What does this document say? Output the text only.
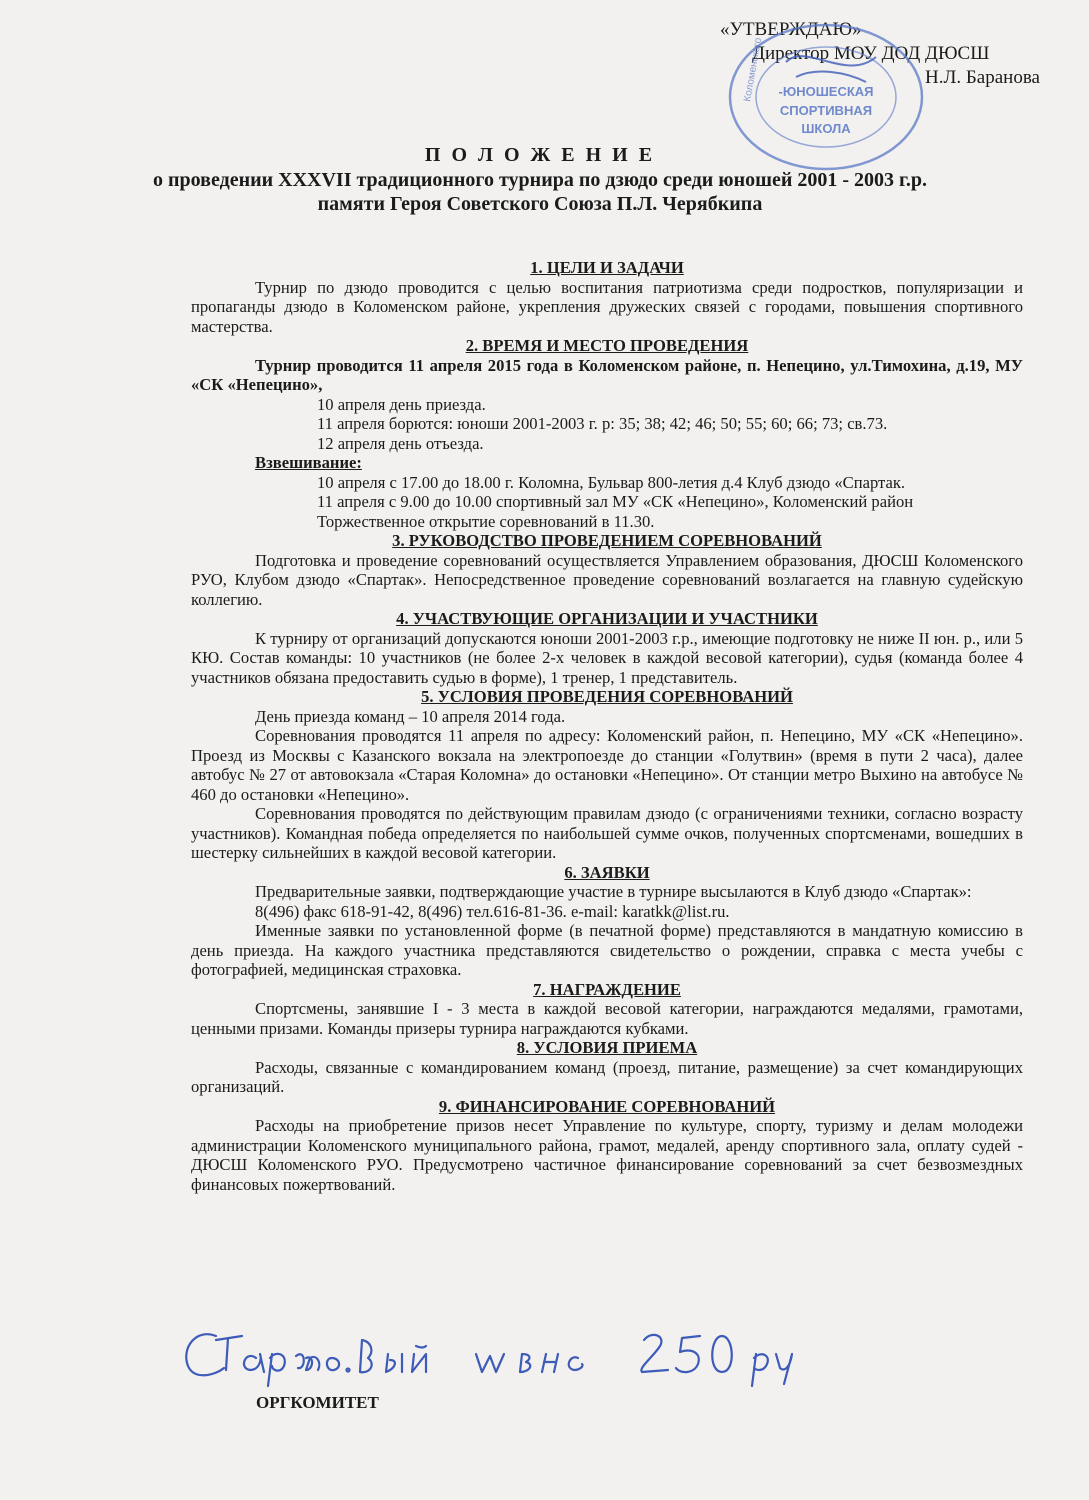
«УТВЕРЖДАЮ»
Директор МОУ ДОД ДЮСШ
Н.Л. Баранова
-ЮНОШЕСКАЯ
СПОРТИВНАЯ
ШКОЛА
Коломенского
П О Л О Ж Е Н И Е
о проведении XXXVII традиционного турнира по дзюдо среди юношей 2001 - 2003 г.р.
памяти Героя Советского Союза П.Л. Черябкипа

1. ЦЕЛИ И ЗАДАЧИ

Турнир по дзюдо проводится с целью воспитания патриотизма среди подростков, популяризации и пропаганды дзюдо в Коломенском районе, укрепления дружеских связей с городами, повышения спортивного мастерства.

2. ВРЕМЯ И МЕСТО ПРОВЕДЕНИЯ

Турнир проводится 11 апреля 2015 года в Коломенском районе, п. Непецино, ул.Тимохина, д.19, МУ «СК «Непецино»,

10 апреля день приезда.

11 апреля борются: юноши 2001-2003 г. р: 35; 38; 42; 46; 50; 55; 60; 66; 73; св.73.

12 апреля день отъезда.

Взвешивание:

10 апреля с 17.00 до 18.00 г. Коломна, Бульвар 800-летия д.4 Клуб дзюдо «Спартак.

11 апреля с 9.00 до 10.00 спортивный зал МУ «СК «Непецино», Коломенский район

Торжественное открытие соревнований в 11.30.

3. РУКОВОДСТВО ПРОВЕДЕНИЕМ СОРЕВНОВАНИЙ

Подготовка и проведение соревнований осуществляется Управлением образования, ДЮСШ Коломенского РУО, Клубом дзюдо «Спартак». Непосредственное проведение соревнований возлагается на главную судейскую коллегию.

4. УЧАСТВУЮЩИЕ ОРГАНИЗАЦИИ И УЧАСТНИКИ

К турниру от организаций допускаются юноши 2001-2003 г.р., имеющие подготовку не ниже II юн. р., или 5 КЮ. Состав команды: 10 участников (не более 2-х человек в каждой весовой категории), судья (команда более 4 участников обязана предоставить судью в форме), 1 тренер, 1 представитель.

5. УСЛОВИЯ ПРОВЕДЕНИЯ СОРЕВНОВАНИЙ

День приезда команд – 10 апреля 2014 года.

Соревнования проводятся 11 апреля по адресу: Коломенский район, п. Непецино, МУ «СК «Непецино». Проезд из Москвы с Казанского вокзала на электропоезде до станции «Голутвин» (время в пути 2 часа), далее автобус № 27 от автовокзала «Старая Коломна» до остановки «Непецино». От станции метро Выхино на автобусе № 460 до остановки «Непецино».

Соревнования проводятся по действующим правилам дзюдо (с ограничениями техники, согласно возрасту участников). Командная победа определяется по наибольшей сумме очков, полученных спортсменами, вошедших в шестерку сильнейших в каждой весовой категории.

6. ЗАЯВКИ

Предварительные заявки, подтверждающие участие в турнире высылаются в Клуб дзюдо «Спартак»:

8(496) факс 618-91-42, 8(496) тел.616-81-36. e-mail: karatkk@list.ru.

Именные заявки по установленной форме (в печатной форме) представляются в мандатную комиссию в день приезда. На каждого участника представляются свидетельство о рождении, справка с места учебы с фотографией, медицинская страховка.

7. НАГРАЖДЕНИЕ

Спортсмены, занявшие I - 3 места в каждой весовой категории, награждаются медалями, грамотами, ценными призами. Команды призеры турнира награждаются кубками.

8. УСЛОВИЯ ПРИЕМА

Расходы, связанные с командированием команд (проезд, питание, размещение) за счет командирующих организаций.

9. ФИНАНСИРОВАНИЕ СОРЕВНОВАНИЙ

Расходы на приобретение призов несет Управление по культуре, спорту, туризму и делам молодежи администрации Коломенского муниципального района, грамот, медалей, аренду спортивного зала, оплату судей - ДЮСШ Коломенского РУО. Предусмотрено частичное финансирование соревнований за счет безвозмездных финансовых пожертвований.

ОРГКОМИТЕТ
